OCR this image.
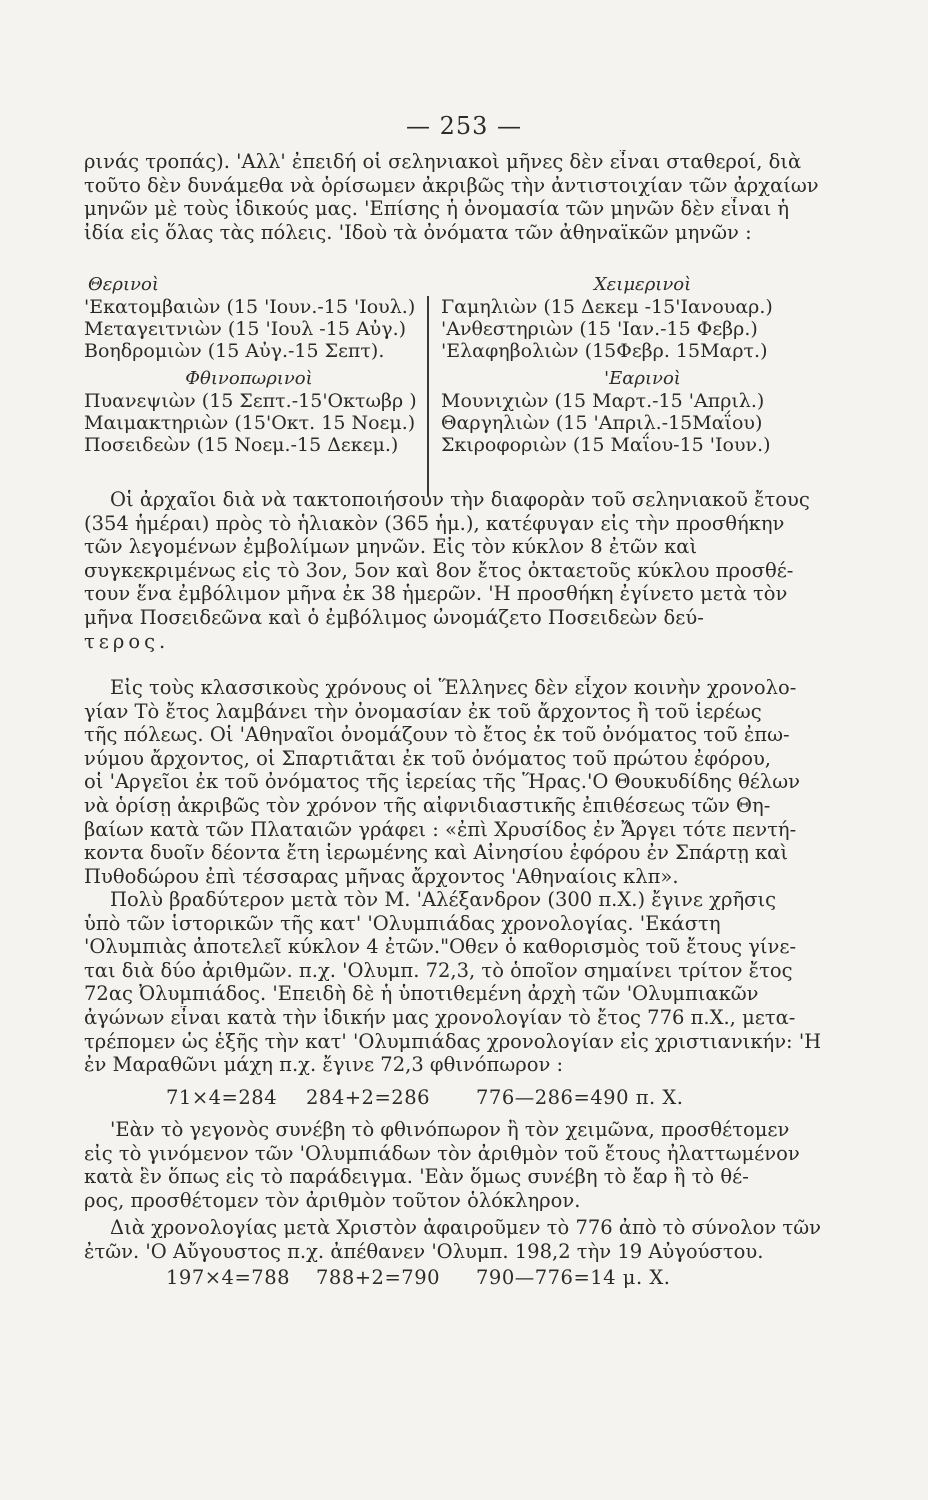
— 253 —
ρινάς τροπάς). 'Αλλ' ἐπειδή οἱ σεληνιακοὶ μῆνες δὲν εἶναι σταθεροί, διὰ
τοῦτο δὲν δυνάμεθα νὰ ὁρίσωμεν ἀκριβῶς τὴν ἀντιστοιχίαν τῶν ἀρχαίων
μηνῶν μὲ τοὺς ἰδικούς μας. 'Επίσης ἡ ὀνομασία τῶν μηνῶν δὲν εἶναι ἡ
ἰδία εἰς ὅλας τὰς πόλεις. 'Ιδοὺ τὰ ὀνόματα τῶν ἀθηναϊκῶν μηνῶν :
Θερινοὶ
'Εκατομβαιὼν (15 'Ιουν.-15 'Ιουλ.)
Μεταγειτνιὼν (15 'Ιουλ -15 Αὐγ.)
Βοηδρομιὼν (15 Αὐγ.-15 Σεπτ).
Φθινοπωρινοὶ
Πυανεψιὼν (15 Σεπτ.-15'Οκτωβρ )
Μαιμακτηριὼν (15'Οκτ. 15 Νοεμ.)
Ποσειδεὼν (15 Νοεμ.-15 Δεκεμ.)
Χειμερινοὶ
Γαμηλιὼν (15 Δεκεμ -15'Ιανουαρ.)
'Ανθεστηριὼν (15 'Ιαν.-15 Φεβρ.)
'Ελαφηβολιὼν (15Φεβρ. 15Μαρτ.)
'Εαρινοὶ
Μουνιχιὼν (15 Μαρτ.-15 'Απριλ.)
Θαργηλιὼν (15 'Απριλ.-15Μαΐου)
Σκιροφοριὼν (15 Μαΐου-15 'Ιουν.)
Οἱ ἀρχαῖοι διὰ νὰ τακτοποιήσουν τὴν διαφορὰν τοῦ σεληνιακοῦ ἔτους
(354 ἡμέραι) πρὸς τὸ ἡλιακὸν (365 ἡμ.), κατέφυγαν εἰς τὴν προσθήκην
τῶν λεγομένων ἐμβολίμων μηνῶν. Εἰς τὸν κύκλον 8 ἐτῶν καὶ
συγκεκριμένως εἰς τὸ 3ον, 5ον καὶ 8ον ἔτος ὀκταετοῦς κύκλου προσθέ-
τουν ἕνα ἐμβόλιμον μῆνα ἐκ 38 ἡμερῶν. 'Η προσθήκη ἐγίνετο μετὰ τὸν
μῆνα Ποσειδεῶνα καὶ ὁ ἐμβόλιμος ὠνομάζετο Ποσειδεὼν δεύ-
τερος.
Εἰς τοὺς κλασσικοὺς χρόνους οἱ Ἕλληνες δὲν εἶχον κοινὴν χρονολο-
γίαν Τὸ ἔτος λαμβάνει τὴν ὀνομασίαν ἐκ τοῦ ἄρχοντος ἢ τοῦ ἱερέως
τῆς πόλεως. Οἱ 'Αθηναῖοι ὀνομάζουν τὸ ἔτος ἐκ τοῦ ὀνόματος τοῦ ἐπω-
νύμου ἄρχοντος, οἱ Σπαρτιᾶται ἐκ τοῦ ὀνόματος τοῦ πρώτου ἐφόρου,
οἱ 'Αργεῖοι ἐκ τοῦ ὀνόματος τῆς ἱερείας τῆς Ἥρας.'Ο Θουκυδίδης θέλων
νὰ ὁρίσῃ ἀκριβῶς τὸν χρόνον τῆς αἰφνιδιαστικῆς ἐπιθέσεως τῶν Θη-
βαίων κατὰ τῶν Πλαταιῶν γράφει : «ἐπὶ Χρυσίδος ἐν Ἄργει τότε πεντή-
κοντα δυοῖν δέοντα ἔτη ἱερωμένης καὶ Αἰνησίου ἐφόρου ἐν Σπάρτῃ καὶ
Πυθοδώρου ἐπὶ τέσσαρας μῆνας ἄρχοντος 'Αθηναίοις κλπ».
Πολὺ βραδύτερον μετὰ τὸν Μ. 'Αλέξανδρον (300 π.Χ.) ἔγινε χρῆσις
ὑπὸ τῶν ἱστορικῶν τῆς κατ' 'Ολυμπιάδας χρονολογίας. 'Εκάστη
'Ολυμπιὰς ἀποτελεῖ κύκλον 4 ἐτῶν."Οθεν ὁ καθορισμὸς τοῦ ἔτους γίνε-
ται διὰ δύο ἀριθμῶν. π.χ. 'Ολυμπ. 72,3, τὸ ὁποῖον σημαίνει τρίτον ἔτος
72ας Ὀλυμπιάδος. 'Επειδὴ δὲ ἡ ὑποτιθεμένη ἀρχὴ τῶν 'Ολυμπιακῶν
ἀγώνων εἶναι κατὰ τὴν ἰδικήν μας χρονολογίαν τὸ ἔτος 776 π.Χ., μετα-
τρέπομεν ὡς ἑξῆς τὴν κατ' 'Ολυμπιάδας χρονολογίαν εἰς χριστιανικήν: 'Η
ἐν Μαραθῶνι μάχη π.χ. ἔγινε 72,3 φθινόπωρον :
71×4=284 284+2=286 776—286=490 π. Χ.
'Εὰν τὸ γεγονὸς συνέβη τὸ φθινόπωρον ἢ τὸν χειμῶνα, προσθέτομεν
εἰς τὸ γινόμενον τῶν 'Ολυμπιάδων τὸν ἀριθμὸν τοῦ ἔτους ἠλαττωμένον
κατὰ ἓν ὅπως εἰς τὸ παράδειγμα. 'Εὰν ὅμως συνέβη τὸ ἔαρ ἢ τὸ θέ-
ρος, προσθέτομεν τὸν ἀριθμὸν τοῦτον ὁλόκληρον.
Διὰ χρονολογίας μετὰ Χριστὸν ἀφαιροῦμεν τὸ 776 ἀπὸ τὸ σύνολον τῶν
ἐτῶν. 'Ο Αὔγουστος π.χ. ἀπέθανεν 'Ολυμπ. 198,2 τὴν 19 Αὐγούστου.
197×4=788 788+2=790 790—776=14 μ. Χ.
